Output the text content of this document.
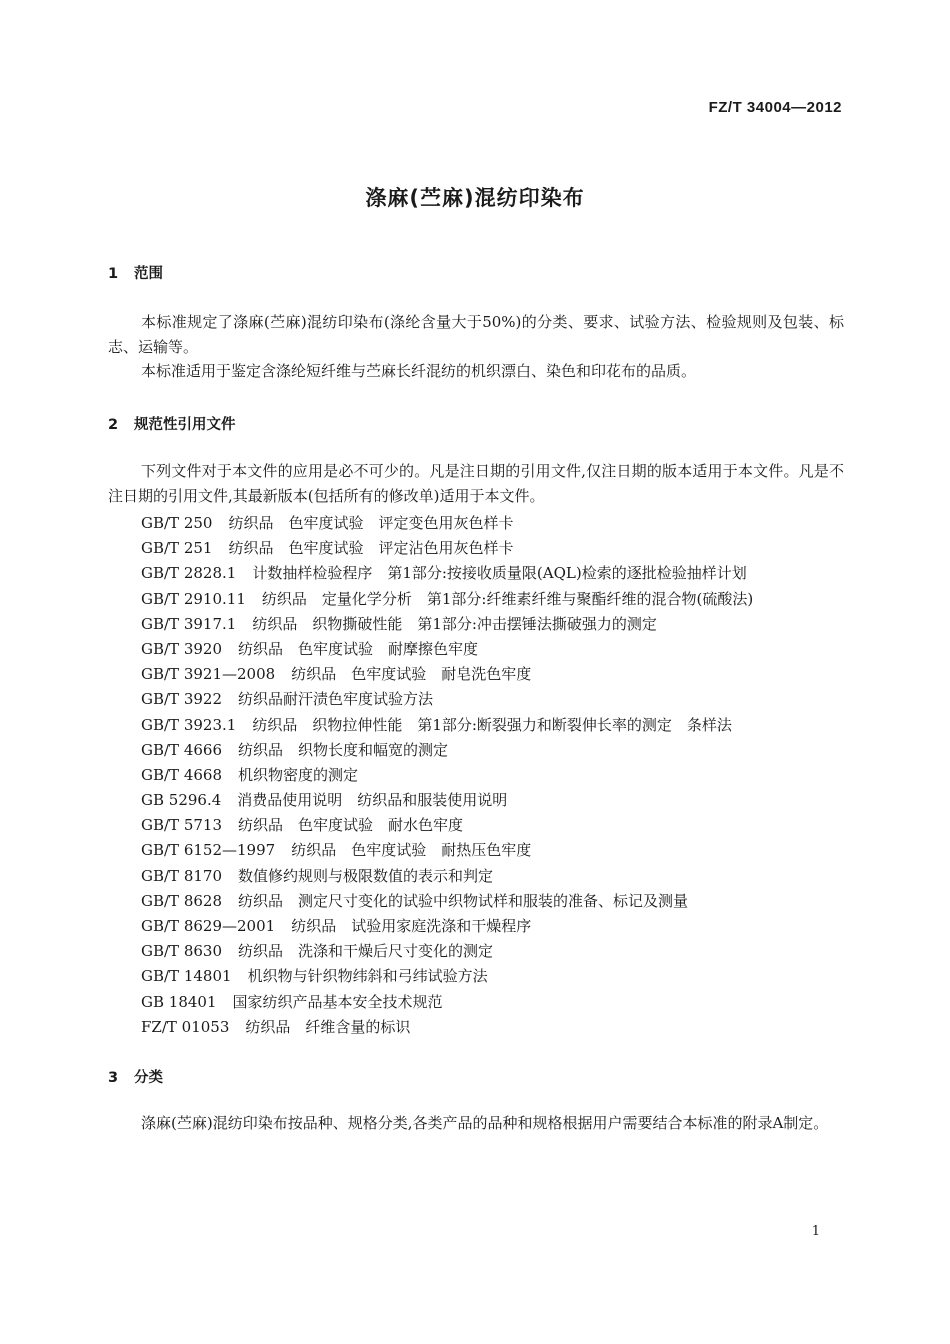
FZ/T 34004—2012
涤麻(苎麻)混纺印染布
1 范围
本标准规定了涤麻(苎麻)混纺印染布(涤纶含量大于50%)的分类、要求、试验方法、检验规则及包装、标志、运输等。
本标准适用于鉴定含涤纶短纤维与苎麻长纤混纺的机织漂白、染色和印花布的品质。
2 规范性引用文件
下列文件对于本文件的应用是必不可少的。凡是注日期的引用文件,仅注日期的版本适用于本文件。凡是不注日期的引用文件,其最新版本(包括所有的修改单)适用于本文件。
GB/T 250 纺织品　色牢度试验　评定变色用灰色样卡
GB/T 251 纺织品　色牢度试验　评定沾色用灰色样卡
GB/T 2828.1 计数抽样检验程序　第1部分:按接收质量限(AQL)检索的逐批检验抽样计划
GB/T 2910.11 纺织品　定量化学分析　第1部分:纤维素纤维与聚酯纤维的混合物(硫酸法)
GB/T 3917.1 纺织品　织物撕破性能　第1部分:冲击摆锤法撕破强力的测定
GB/T 3920 纺织品　色牢度试验　耐摩擦色牢度
GB/T 3921—2008 纺织品　色牢度试验　耐皂洗色牢度
GB/T 3922 纺织品耐汗渍色牢度试验方法
GB/T 3923.1 纺织品　织物拉伸性能　第1部分:断裂强力和断裂伸长率的测定　条样法
GB/T 4666 纺织品　织物长度和幅宽的测定
GB/T 4668 机织物密度的测定
GB 5296.4 消费品使用说明　纺织品和服装使用说明
GB/T 5713 纺织品　色牢度试验　耐水色牢度
GB/T 6152—1997 纺织品　色牢度试验　耐热压色牢度
GB/T 8170 数值修约规则与极限数值的表示和判定
GB/T 8628 纺织品　测定尺寸变化的试验中织物试样和服装的准备、标记及测量
GB/T 8629—2001 纺织品　试验用家庭洗涤和干燥程序
GB/T 8630 纺织品　洗涤和干燥后尺寸变化的测定
GB/T 14801 机织物与针织物纬斜和弓纬试验方法
GB 18401 国家纺织产品基本安全技术规范
FZ/T 01053 纺织品　纤维含量的标识
3 分类
涤麻(苎麻)混纺印染布按品种、规格分类,各类产品的品种和规格根据用户需要结合本标准的附录A制定。
1
